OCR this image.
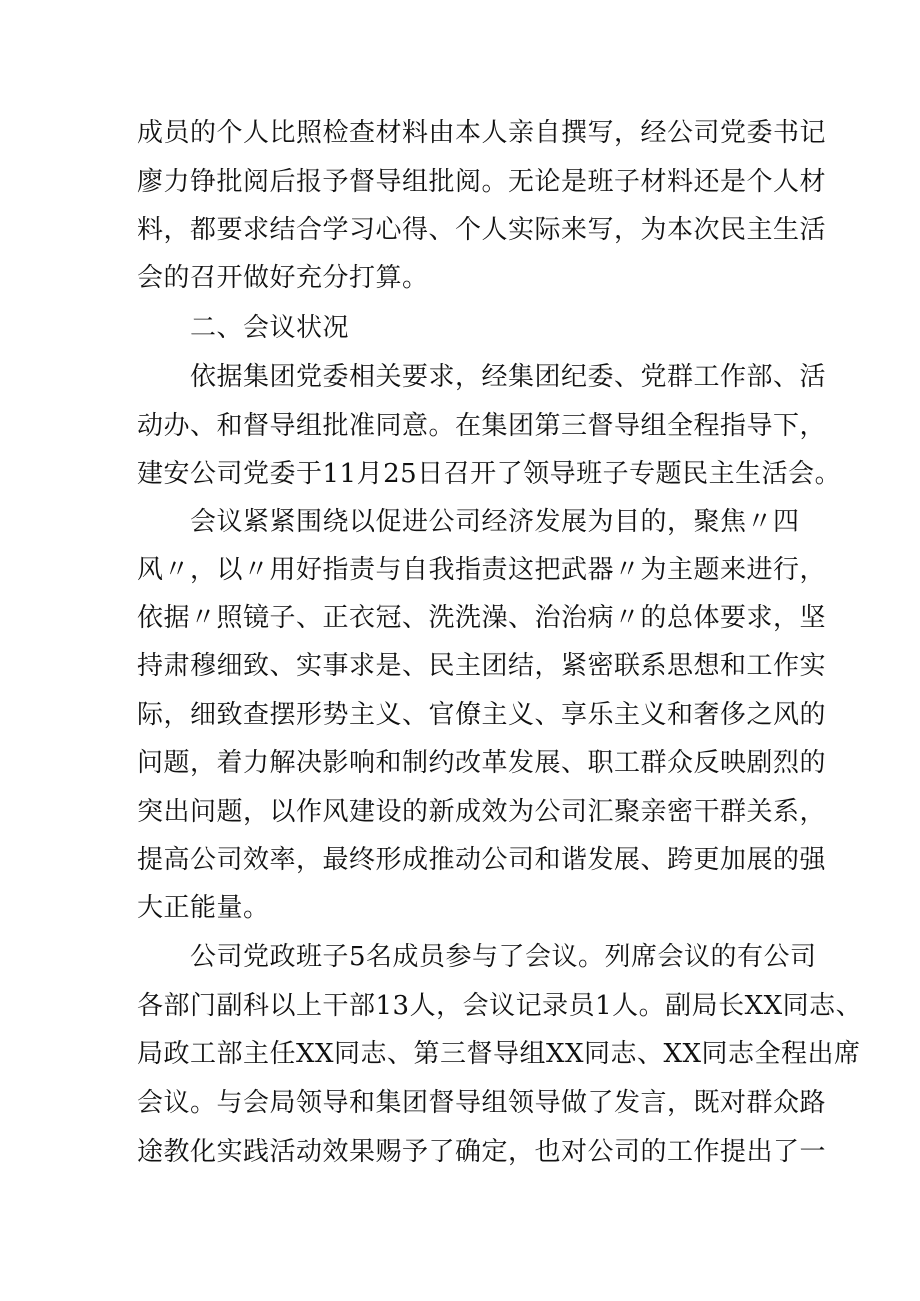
成员的个人比照检查材料由本人亲自撰写，经公司党委书记
廖力铮批阅后报予督导组批阅。无论是班子材料还是个人材
料，都要求结合学习心得、个人实际来写，为本次民主生活
会的召开做好充分打算。
二、会议状况
依据集团党委相关要求，经集团纪委、党群工作部、活
动办、和督导组批准同意。在集团第三督导组全程指导下，
建安公司党委于11月25日召开了领导班子专题民主生活会。
会议紧紧围绕以促进公司经济发展为目的，聚焦〃四
风〃，以〃用好指责与自我指责这把武器〃为主题来进行，
依据〃照镜子、正衣冠、洗洗澡、治治病〃的总体要求，坚
持肃穆细致、实事求是、民主团结，紧密联系思想和工作实
际，细致查摆形势主义、官僚主义、享乐主义和奢侈之风的
问题，着力解决影响和制约改革发展、职工群众反映剧烈的
突出问题，以作风建设的新成效为公司汇聚亲密干群关系，
提高公司效率，最终形成推动公司和谐发展、跨更加展的强
大正能量。
公司党政班子5名成员参与了会议。列席会议的有公司
各部门副科以上干部13人，会议记录员1人。副局长XX同志、
局政工部主任XX同志、第三督导组XX同志、XX同志全程出席
会议。与会局领导和集团督导组领导做了发言，既对群众路
途教化实践活动效果赐予了确定，也对公司的工作提出了一
